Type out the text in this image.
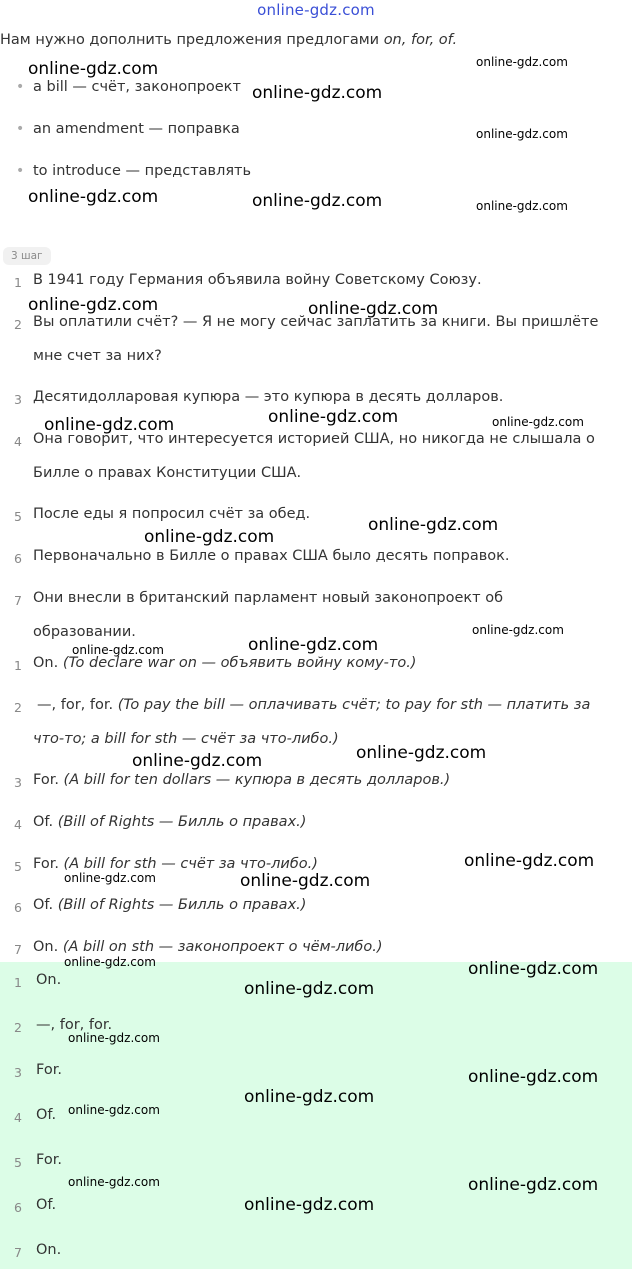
online-gdz.com
Нам нужно дополнить предложения предлогами on, for, of.
• a bill — счёт, законопроект
• an amendment — поправка
• to introduce — представлять
3 шаг
1 В 1941 году Германия объявила войну Советскому Союзу.
2 Вы оплатили счёт? — Я не могу сейчас заплатить за книги. Вы пришлёте
мне счет за них?
3 Десятидолларовая купюра — это купюра в десять долларов.
4 Она говорит, что интересуется историей США, но никогда не слышала о
Билле о правах Конституции США.
5 После еды я попросил счёт за обед.
6 Первоначально в Билле о правах США было десять поправок.
7 Они внесли в британский парламент новый законопроект об
образовании.
1 On. (To declare war on — объявить войну кому-то.)
2 —, for, for. (To pay the bill — оплачивать счёт; to pay for sth — платить за
что-то; a bill for sth — счёт за что-либо.)
3 For. (A bill for ten dollars — купюра в десять долларов.)
4 Of. (Bill of Rights — Билль о правах.)
5 For. (A bill for sth — счёт за что-либо.)
6 Of. (Bill of Rights — Билль о правах.)
7 On. (A bill on sth — законопроект о чём-либо.)
1 On.
2 —, for, for.
3 For.
4 Of.
5 For.
6 Of.
7 On.
online-gdz.com	online-gdz.com
online-gdz.com
online-gdz.com
online-gdz.com	online-gdz.com	online-gdz.com
online-gdz.com	online-gdz.com
online-gdz.com
online-gdz.com	online-gdz.com
online-gdz.com
online-gdz.com
online-gdz.com
online-gdz.com
online-gdz.com
online-gdz.com
online-gdz.com
online-gdz.com
online-gdz.com	online-gdz.com
online-gdz.com	online-gdz.com
online-gdz.com
online-gdz.com
online-gdz.com
online-gdz.com
online-gdz.com
online-gdz.com	online-gdz.com
online-gdz.com
